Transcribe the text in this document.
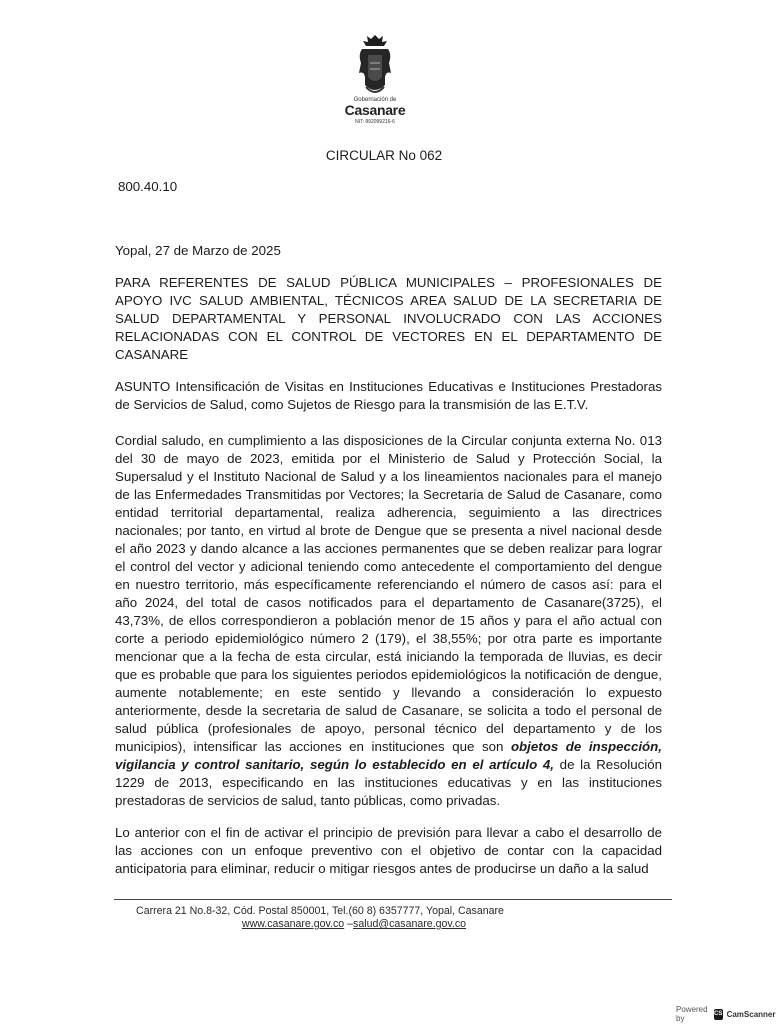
Gobernación de
Casanare
NIT: 892099216-6
CIRCULAR No 062
800.40.10
Yopal, 27 de Marzo de 2025
PARA REFERENTES DE SALUD PÚBLICA MUNICIPALES – PROFESIONALES DE APOYO IVC SALUD AMBIENTAL, TÉCNICOS AREA SALUD DE LA SECRETARIA DE SALUD DEPARTAMENTAL Y PERSONAL INVOLUCRADO CON LAS ACCIONES RELACIONADAS CON EL CONTROL DE VECTORES EN EL DEPARTAMENTO DE CASANARE
ASUNTO Intensificación de Visitas en Instituciones Educativas e Instituciones Prestadoras de Servicios de Salud, como Sujetos de Riesgo para la transmisión de las E.T.V.
Cordial saludo, en cumplimiento a las disposiciones de la Circular conjunta externa No. 013 del 30 de mayo de 2023, emitida por el Ministerio de Salud y Protección Social, la Supersalud y el Instituto Nacional de Salud y a los lineamientos nacionales para el manejo de las Enfermedades Transmitidas por Vectores; la Secretaria de Salud de Casanare, como entidad territorial departamental, realiza adherencia, seguimiento a las directrices nacionales; por tanto, en virtud al brote de Dengue que se presenta a nivel nacional desde el año 2023 y dando alcance a las acciones permanentes que se deben realizar para lograr el control del vector y adicional teniendo como antecedente el comportamiento del dengue en nuestro territorio, más específicamente referenciando el número de casos así: para el año 2024, del total de casos notificados para el departamento de Casanare(3725), el 43,73%, de ellos correspondieron a población menor de 15 años y para el año actual con corte a periodo epidemiológico número 2 (179), el 38,55%; por otra parte es importante mencionar que a la fecha de esta circular, está iniciando la temporada de lluvias, es decir que es probable que para los siguientes periodos epidemiológicos la notificación de dengue, aumente notablemente; en este sentido y llevando a consideración lo expuesto anteriormente, desde la secretaria de salud de Casanare, se solicita a todo el personal de salud pública (profesionales de apoyo, personal técnico del departamento y de los municipios), intensificar las acciones en instituciones que son objetos de inspección, vigilancia y control sanitario, según lo establecido en el artículo 4, de la Resolución 1229 de 2013, especificando en las instituciones educativas y en las instituciones prestadoras de servicios de salud, tanto públicas, como privadas.
Lo anterior con el fin de activar el principio de previsión para llevar a cabo el desarrollo de las acciones con un enfoque preventivo con el objetivo de contar con la capacidad anticipatoria para eliminar, reducir o mitigar riesgos antes de producirse un daño a la salud
Carrera 21 No.8-32, Cód. Postal 850001, Tel.(60 8) 6357777, Yopal, Casanare
www.casanare.gov.co –salud@casanare.gov.co
Powered by
CS CamScanner
